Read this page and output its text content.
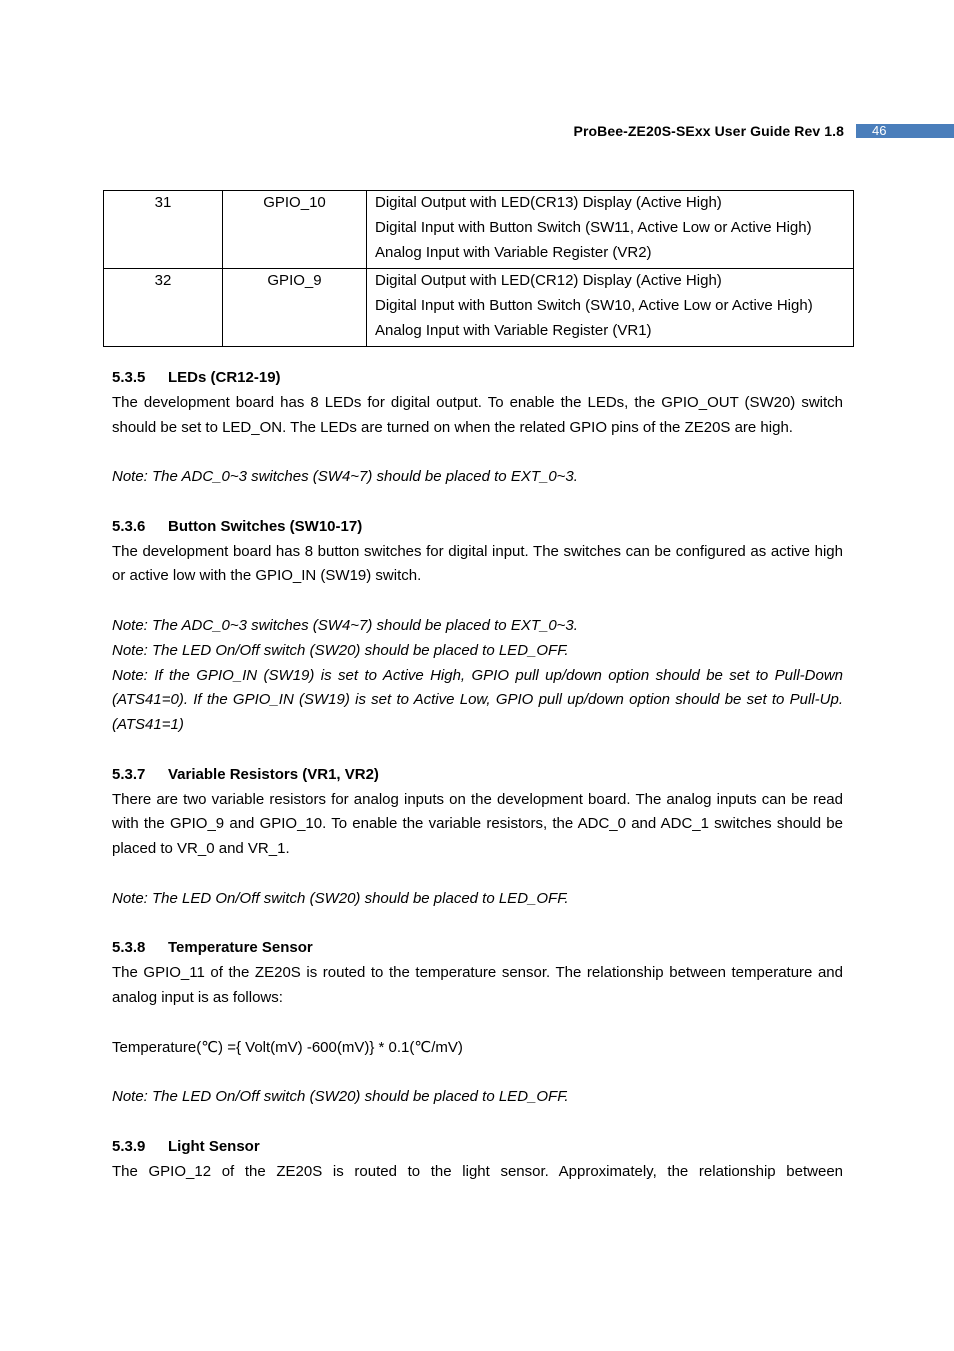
ProBee-ZE20S-SExx User Guide Rev 1.8	46
31	GPIO_10	Digital Output with LED(CR13) Display (Active High)
Digital Input with Button Switch (SW11, Active Low or Active High)
Analog Input with Variable Register (VR2)

32	GPIO_9	Digital Output with LED(CR12) Display (Active High)
Digital Input with Button Switch (SW10, Active Low or Active High)
Analog Input with Variable Register (VR1)

5.3.5 LEDs (CR12-19)

The development board has 8 LEDs for digital output. To enable the LEDs, the GPIO_OUT (SW20) switch should be set to LED_ON. The LEDs are turned on when the related GPIO pins of the ZE20S are high.

Note: The ADC_0~3 switches (SW4~7) should be placed to EXT_0~3.

5.3.6 Button Switches (SW10-17)

The development board has 8 button switches for digital input. The switches can be configured as active high or active low with the GPIO_IN (SW19) switch.

Note: The ADC_0~3 switches (SW4~7) should be placed to EXT_0~3.

Note: The LED On/Off switch (SW20) should be placed to LED_OFF.

Note: If the GPIO_IN (SW19) is set to Active High, GPIO pull up/down option should be set to Pull-Down (ATS41=0). If the GPIO_IN (SW19) is set to Active Low, GPIO pull up/down option should be set to Pull-Up. (ATS41=1)

5.3.7 Variable Resistors (VR1, VR2)

There are two variable resistors for analog inputs on the development board. The analog inputs can be read with the GPIO_9 and GPIO_10. To enable the variable resistors, the ADC_0 and ADC_1 switches should be placed to VR_0 and VR_1.

Note: The LED On/Off switch (SW20) should be placed to LED_OFF.

5.3.8 Temperature Sensor

The GPIO_11 of the ZE20S is routed to the temperature sensor. The relationship between temperature and analog input is as follows:

Temperature(℃) ={ Volt(mV) -600(mV)} * 0.1(℃/mV)

Note: The LED On/Off switch (SW20) should be placed to LED_OFF.

5.3.9 Light Sensor

The GPIO_12 of the ZE20S is routed to the light sensor. Approximately, the relationship between
